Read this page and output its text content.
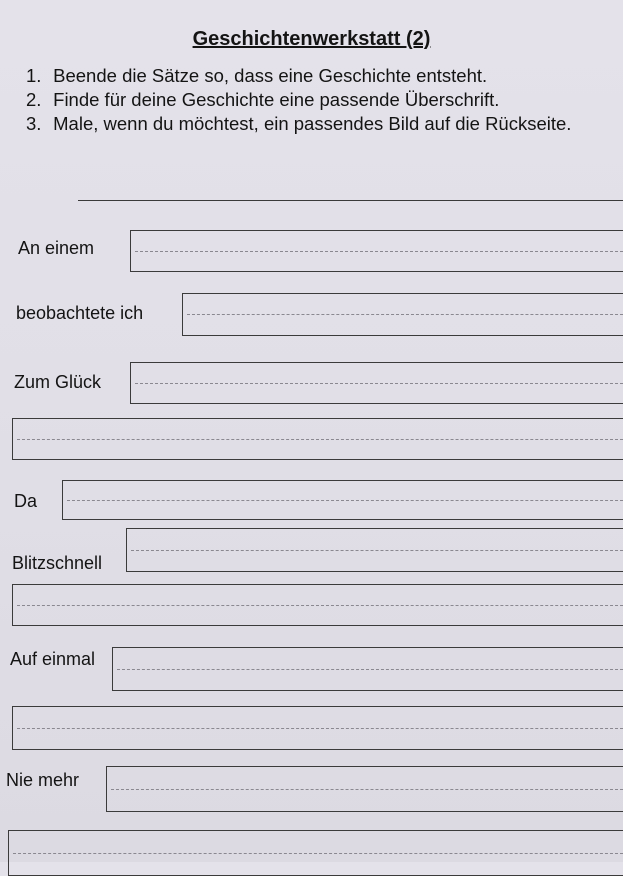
Geschichtenwerkstatt (2)
1. Beende die Sätze so, dass eine Geschichte entsteht.
2. Finde für deine Geschichte eine passende Überschrift.
3. Male, wenn du möchtest, ein passendes Bild auf die Rückseite.
An einem
beobachtete ich
Zum Glück
Da
Blitzschnell
Auf einmal
Nie mehr
